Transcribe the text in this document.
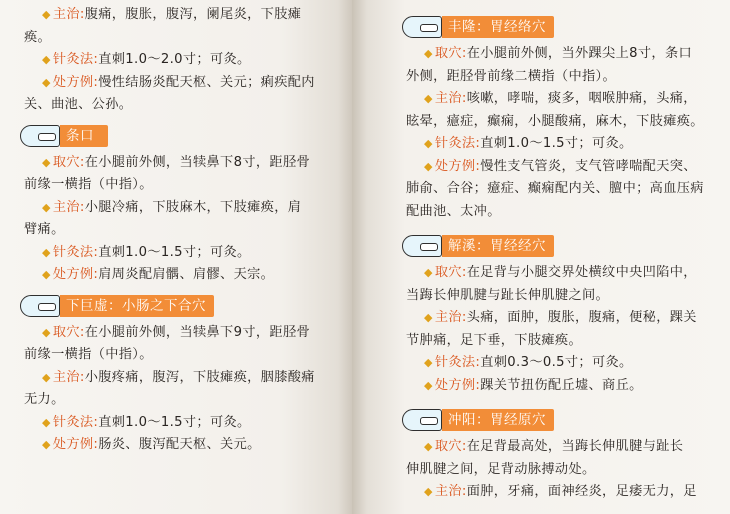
◆ 主治:腹痛，腹胀，腹泻，阑尾炎，下肢瘫

痪。

◆ 针灸法:直刺1.0～2.0寸；可灸。

◆ 处方例:慢性结肠炎配天枢、关元；痢疾配内

关、曲池、公孙。

条口

◆ 取穴:在小腿前外侧，当犊鼻下8寸，距胫骨

前缘一横指（中指）。

◆ 主治:小腿冷痛，下肢麻木，下肢瘫痪，肩

臂痛。

◆ 针灸法:直刺1.0～1.5寸；可灸。

◆ 处方例:肩周炎配肩髃、肩髎、天宗。

下巨虚：小肠之下合穴

◆ 取穴:在小腿前外侧，当犊鼻下9寸，距胫骨

前缘一横指（中指）。

◆ 主治:小腹疼痛，腹泻，下肢瘫痪，胭膝酸痛

无力。

◆ 针灸法:直刺1.0～1.5寸；可灸。

◆ 处方例:肠炎、腹泻配天枢、关元。

丰隆：胃经络穴

◆ 取穴:在小腿前外侧，当外踝尖上8寸，条口

外侧，距胫骨前缘二横指（中指）。

◆ 主治:咳嗽，哮喘，痰多，咽喉肿痛，头痛，

眩晕，癔症，癫痫，小腿酸痛，麻木，下肢瘫痪。

◆ 针灸法:直刺1.0～1.5寸；可灸。

◆ 处方例:慢性支气管炎，支气管哮喘配天突、

肺俞、合谷；癔症、癫痫配内关、膻中；高血压病

配曲池、太冲。

解溪：胃经经穴

◆ 取穴:在足背与小腿交界处横纹中央凹陷中，

当踇长伸肌腱与趾长伸肌腱之间。

◆ 主治:头痛，面肿，腹胀，腹痛，便秘，踝关

节肿痛，足下垂，下肢瘫痪。

◆ 针灸法:直刺0.3～0.5寸；可灸。

◆ 处方例:踝关节扭伤配丘墟、商丘。

冲阳：胃经原穴

◆ 取穴:在足背最高处，当踇长伸肌腱与趾长

伸肌腱之间，足背动脉搏动处。

◆ 主治:面肿，牙痛，面神经炎，足痿无力，足
